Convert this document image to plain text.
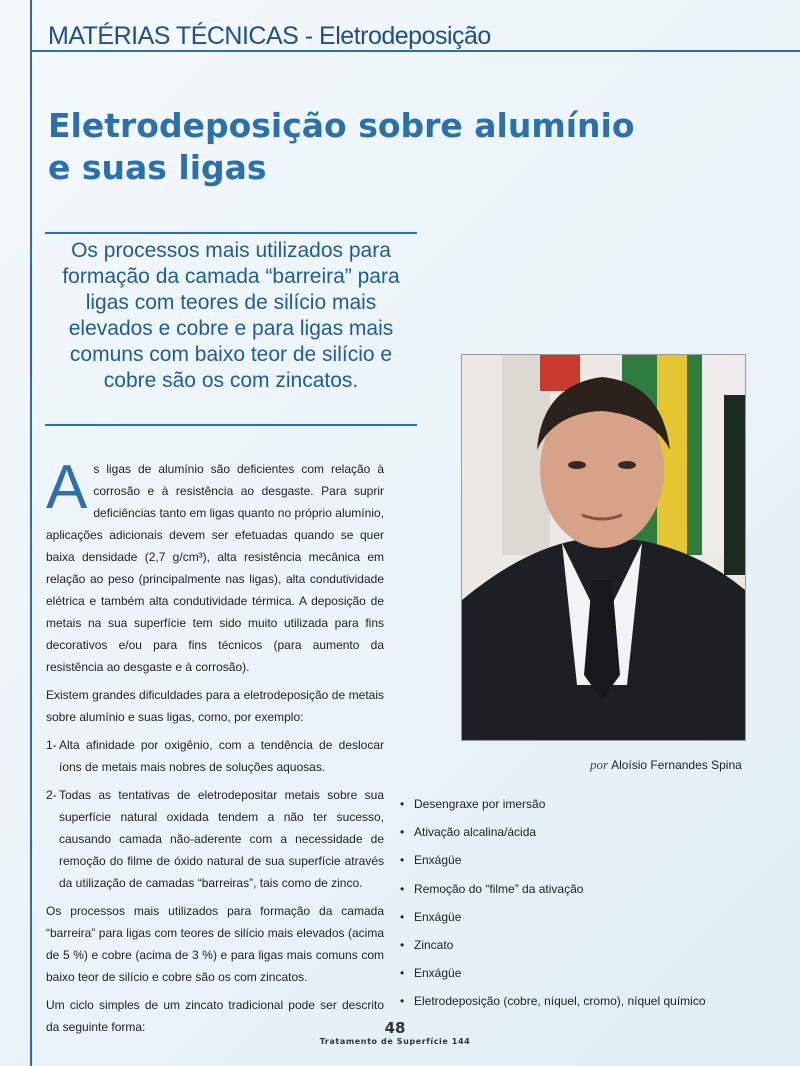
MATÉRIAS TÉCNICAS - Eletrodeposição
Eletrodeposição sobre alumínio
e suas ligas

Os processos mais utilizados para formação da camada “barreira” para ligas com teores de silício mais elevados e cobre e para ligas mais comuns com baixo teor de silício e cobre são os com zincatos.

As ligas de alumínio são deficientes com relação à corrosão e à resistência ao desgaste. Para suprir deficiências tanto em ligas quanto no próprio alumínio, aplicações adicionais devem ser efetuadas quando se quer baixa densidade (2,7 g/cm³), alta resistência mecânica em relação ao peso (principalmente nas ligas), alta condutividade elétrica e também alta condutividade térmica. A deposição de metais na sua superfície tem sido muito utilizada para fins decorativos e/ou para fins técnicos (para aumento da resistência ao desgaste e à corrosão).

Existem grandes dificuldades para a eletrodeposição de metais sobre alumínio e suas ligas, como, por exemplo:

1- Alta afinidade por oxigênio, com a tendência de deslocar íons de metais mais nobres de soluções aquosas.
2- Todas as tentativas de eletrodepositar metais sobre sua superfície natural oxidada tendem a não ter sucesso, causando camada não-aderente com a necessidade de remoção do filme de óxido natural de sua superfície através da utilização de camadas “barreiras”, tais como de zinco.

Os processos mais utilizados para formação da camada “barreira” para ligas com teores de silício mais elevados (acima de 5 %) e cobre (acima de 3 %) e para ligas mais comuns com baixo teor de silício e cobre são os com zincatos.

Um ciclo simples de um zincato tradicional pode ser descrito da seguinte forma:

por Aloísio Fernandes Spina
• Desengraxe por imersão
• Ativação alcalina/ácida
• Enxágüe
• Remoção do “filme” da ativação
• Enxágüe
• Zincato
• Enxágüe
• Eletrodeposição (cobre, níquel, cromo), níquel químico
48
Tratamento de Superfície 144
